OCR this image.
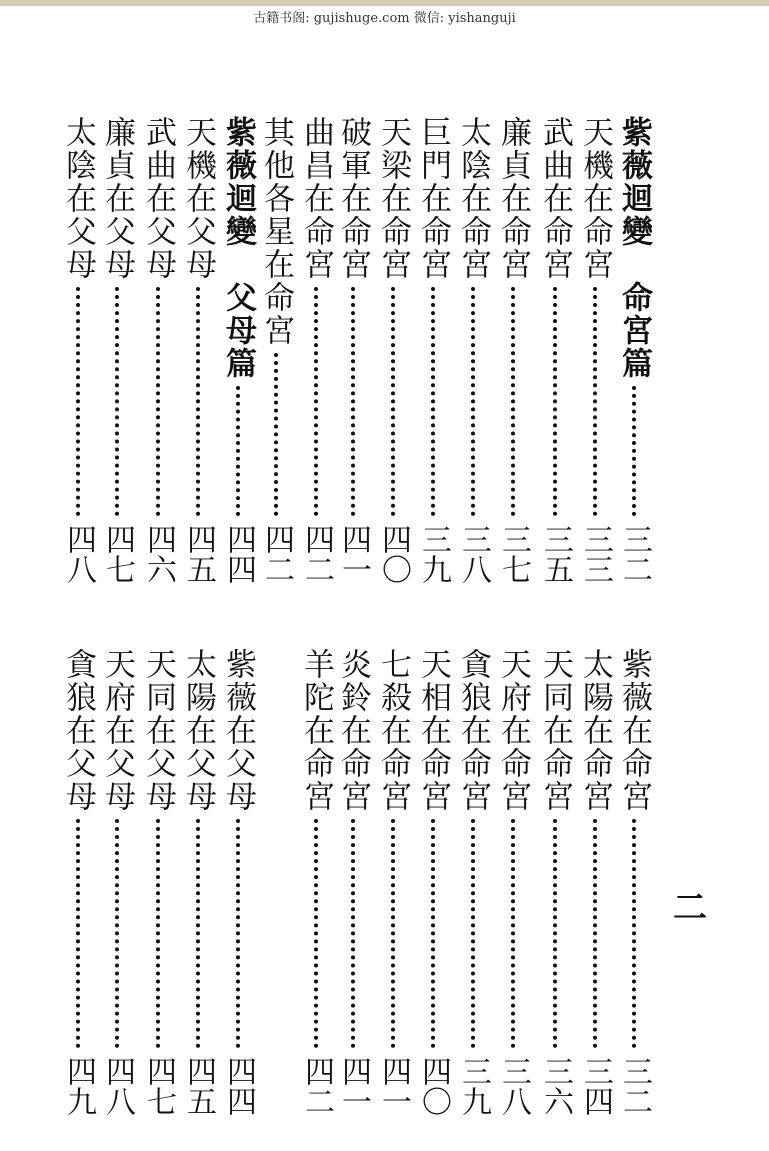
古籍书阁: gujishuge.com 微信: yishanguji
紫薇迴變　命宮篇
三二
天機在命宮
三三
武曲在命宮
三五
廉貞在命宮
三七
太陰在命宮
三八
巨門在命宮
三九
天梁在命宮
四〇
破軍在命宮
四一
曲昌在命宮
四二
其他各星在命宮
四二
紫薇迴變　父母篇
四四
天機在父母
四五
武曲在父母
四六
廉貞在父母
四七
太陰在父母
四八
紫薇在命宮
三二
太陽在命宮
三四
天同在命宮
三六
天府在命宮
三八
貪狼在命宮
三九
天相在命宮
四〇
七殺在命宮
四一
炎鈴在命宮
四一
羊陀在命宮
四二
紫薇在父母
四四
太陽在父母
四五
天同在父母
四七
天府在父母
四八
貪狼在父母
四九
二
